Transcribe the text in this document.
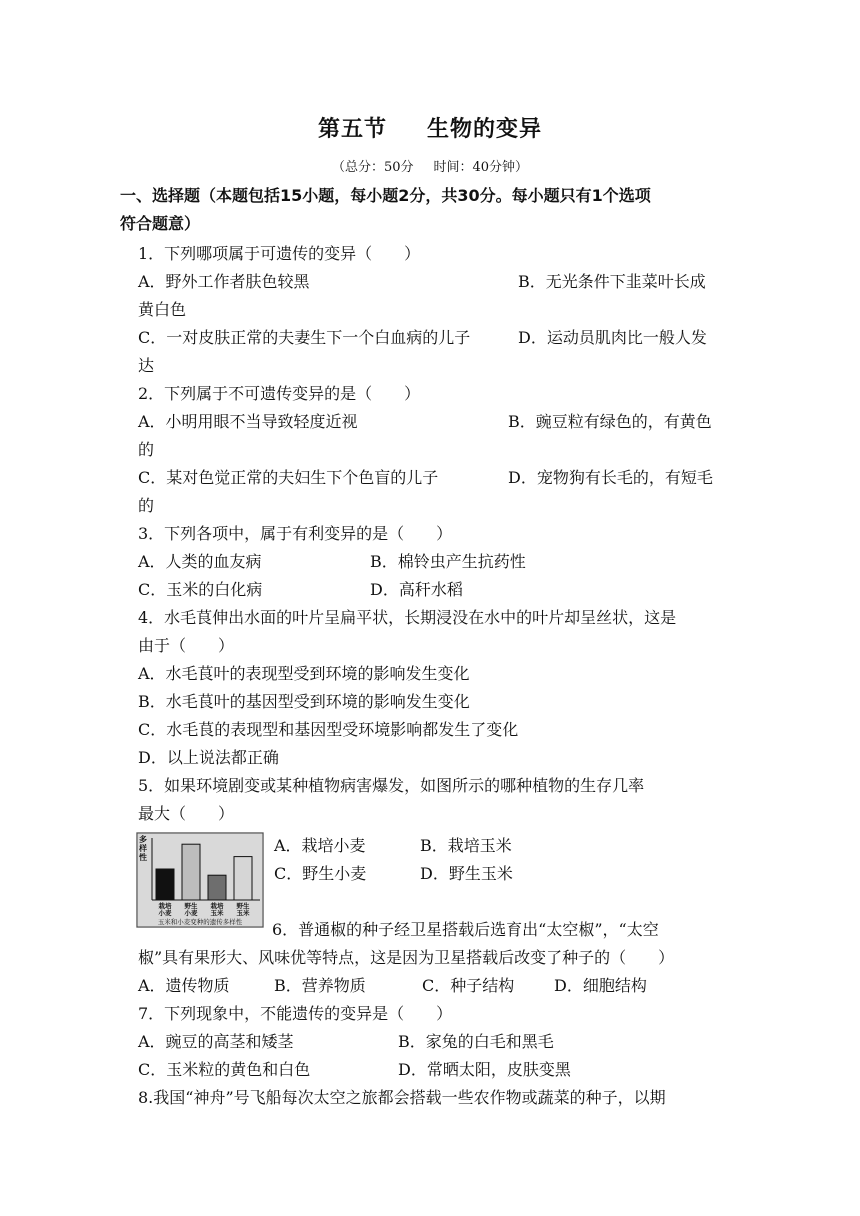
第五节 生物的变异
（总分：50分 时间：40分钟）
一、选择题（本题包括15小题，每小题2分，共30分。每小题只有1个选项
符合题意）
1．下列哪项属于可遗传的变异（　　）
A．野外工作者肤色较黑	B．无光条件下韭菜叶长成
黄白色
C．一对皮肤正常的夫妻生下一个白血病的儿子	D．运动员肌肉比一般人发
达
2．下列属于不可遗传变异的是（　　）
A．小明用眼不当导致轻度近视	B．豌豆粒有绿色的，有黄色
的
C．某对色觉正常的夫妇生下个色盲的儿子	D．宠物狗有长毛的，有短毛
的
3．下列各项中，属于有利变异的是（　　）
A．人类的血友病	B．棉铃虫产生抗药性
C．玉米的白化病	D．高秆水稻
4．水毛茛伸出水面的叶片呈扁平状，长期浸没在水中的叶片却呈丝状，这是
由于（　　）
A．水毛茛叶的表现型受到环境的影响发生变化
B．水毛茛叶的基因型受到环境的影响发生变化
C．水毛茛的表现型和基因型受环境影响都发生了变化
D．以上说法都正确
5．如果环境剧变或某种植物病害爆发，如图所示的哪种植物的生存几率
最大（　　）
多
样
性
栽培
小麦
野生
小麦
栽培
玉米
野生
玉米
玉米和小麦变种的遗传多样性
A．栽培小麦	B．栽培玉米
C．野生小麦	D．野生玉米
6．普通椒的种子经卫星搭载后选育出“太空椒”，“太空
椒”具有果形大、风味优等特点，这是因为卫星搭载后改变了种子的（　　）
A．遗传物质	B．营养物质	C．种子结构 D．细胞结构
7．下列现象中，不能遗传的变异是（　　）
A．豌豆的高茎和矮茎	B．家兔的白毛和黑毛
C．玉米粒的黄色和白色	D．常晒太阳，皮肤变黑
8.我国“神舟”号飞船每次太空之旅都会搭载一些农作物或蔬菜的种子，以期
